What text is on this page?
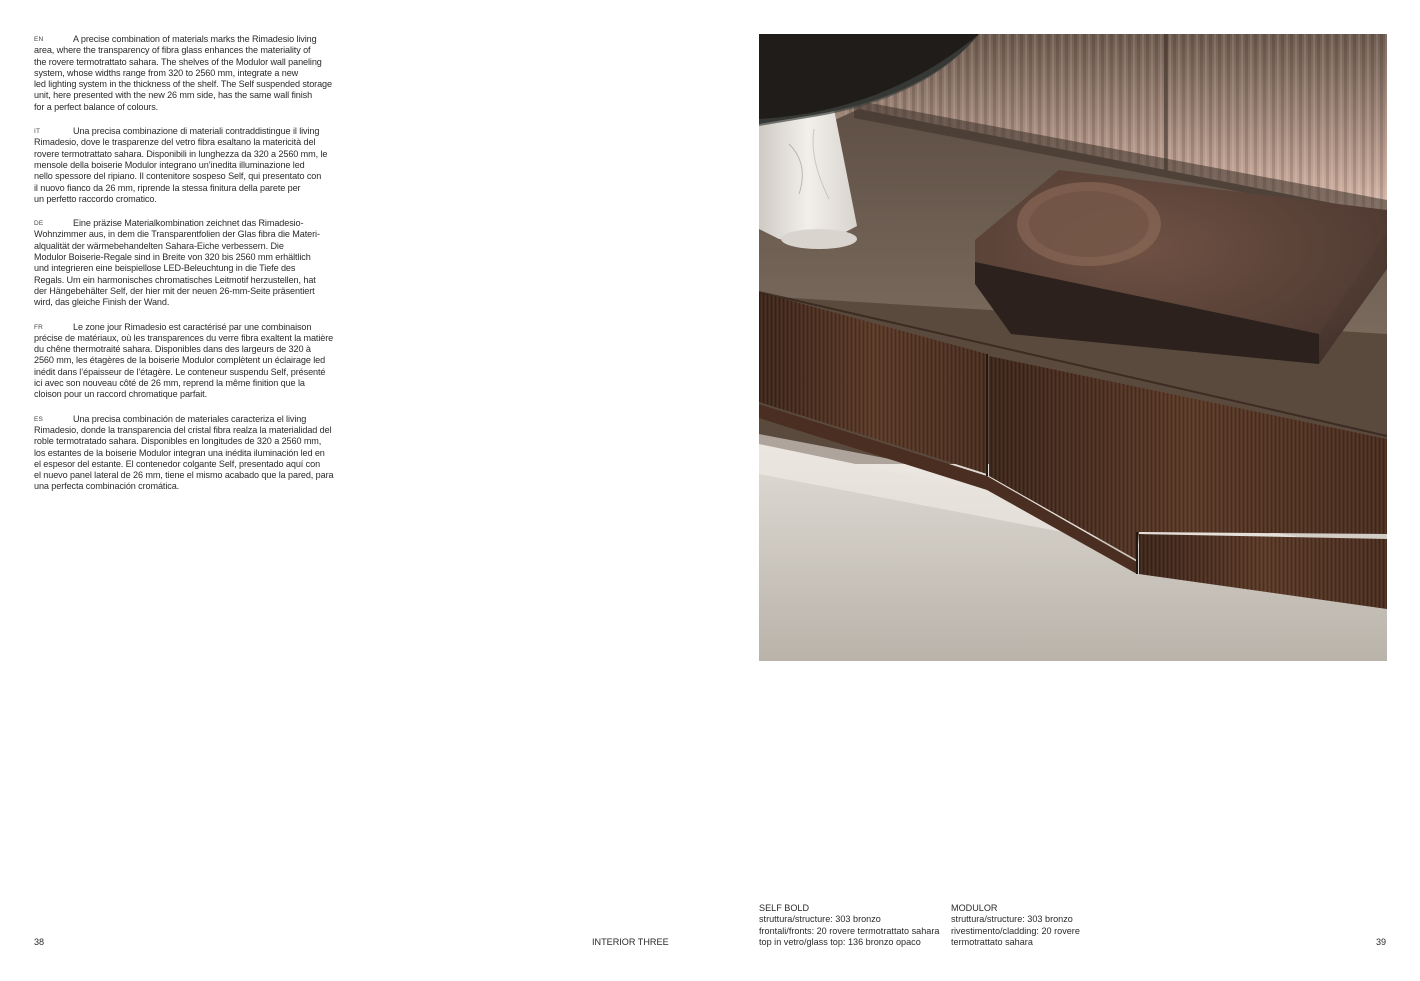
EN	A precise combination of materials marks the Rimadesio living
area, where the transparency of fibra glass enhances the materiality of
the rovere termotrattato sahara. The shelves of the Modulor wall paneling
system, whose widths range from 320 to 2560 mm, integrate a new
led lighting system in the thickness of the shelf. The Self suspended storage
unit, here presented with the new 26 mm side, has the same wall finish
for a perfect balance of colours.

IT	Una precisa combinazione di materiali contraddistingue il living
Rimadesio, dove le trasparenze del vetro fibra esaltano la matericità del
rovere termotrattato sahara. Disponibili in lunghezza da 320 a 2560 mm, le
mensole della boiserie Modulor integrano un’inedita illuminazione led
nello spessore del ripiano. Il contenitore sospeso Self, qui presentato con
il nuovo fianco da 26 mm, riprende la stessa finitura della parete per
un perfetto raccordo cromatico.

DE	Eine präzise Materialkombination zeichnet das Rimadesio-
Wohnzimmer aus, in dem die Transparentfolien der Glas fibra die Materi-
alqualität der wärmebehandelten Sahara-Eiche verbessern. Die
Modulor Boiserie-Regale sind in Breite von 320 bis 2560 mm erhältlich
und integrieren eine beispiellose LED-Beleuchtung in die Tiefe des
Regals. Um ein harmonisches chromatisches Leitmotif herzustellen, hat
der Hängebehälter Self, der hier mit der neuen 26-mm-Seite präsentiert
wird, das gleiche Finish der Wand.

FR	Le zone jour Rimadesio est caractérisé par une combinaison
précise de matériaux, où les transparences du verre fibra exaltent la matière
du chêne thermotraité sahara. Disponibles dans des largeurs de 320 à
2560 mm, les étagères de la boiserie Modulor complètent un éclairage led
inédit dans l’épaisseur de l’étagère. Le conteneur suspendu Self, présenté
ici avec son nouveau côté de 26 mm, reprend la même finition que la
cloison pour un raccord chromatique parfait.

ES	Una precisa combinación de materiales caracteriza el living
Rimadesio, donde la transparencia del cristal fibra realza la materialidad del
roble termotratado sahara. Disponibles en longitudes de 320 a 2560 mm,
los estantes de la boiserie Modulor integran una inédita iluminación led en
el espesor del estante. El contenedor colgante Self, presentado aquí con
el nuevo panel lateral de 26 mm, tiene el mismo acabado que la pared, para
una perfecta combinación cromática.

SELF BOLD
struttura/structure: 303 bronzo
frontali/fronts: 20 rovere termotrattato sahara
top in vetro/glass top: 136 bronzo opaco
MODULOR
struttura/structure: 303 bronzo
rivestimento/cladding: 20 rovere
termotrattato sahara
38	INTERIOR THREE	39
